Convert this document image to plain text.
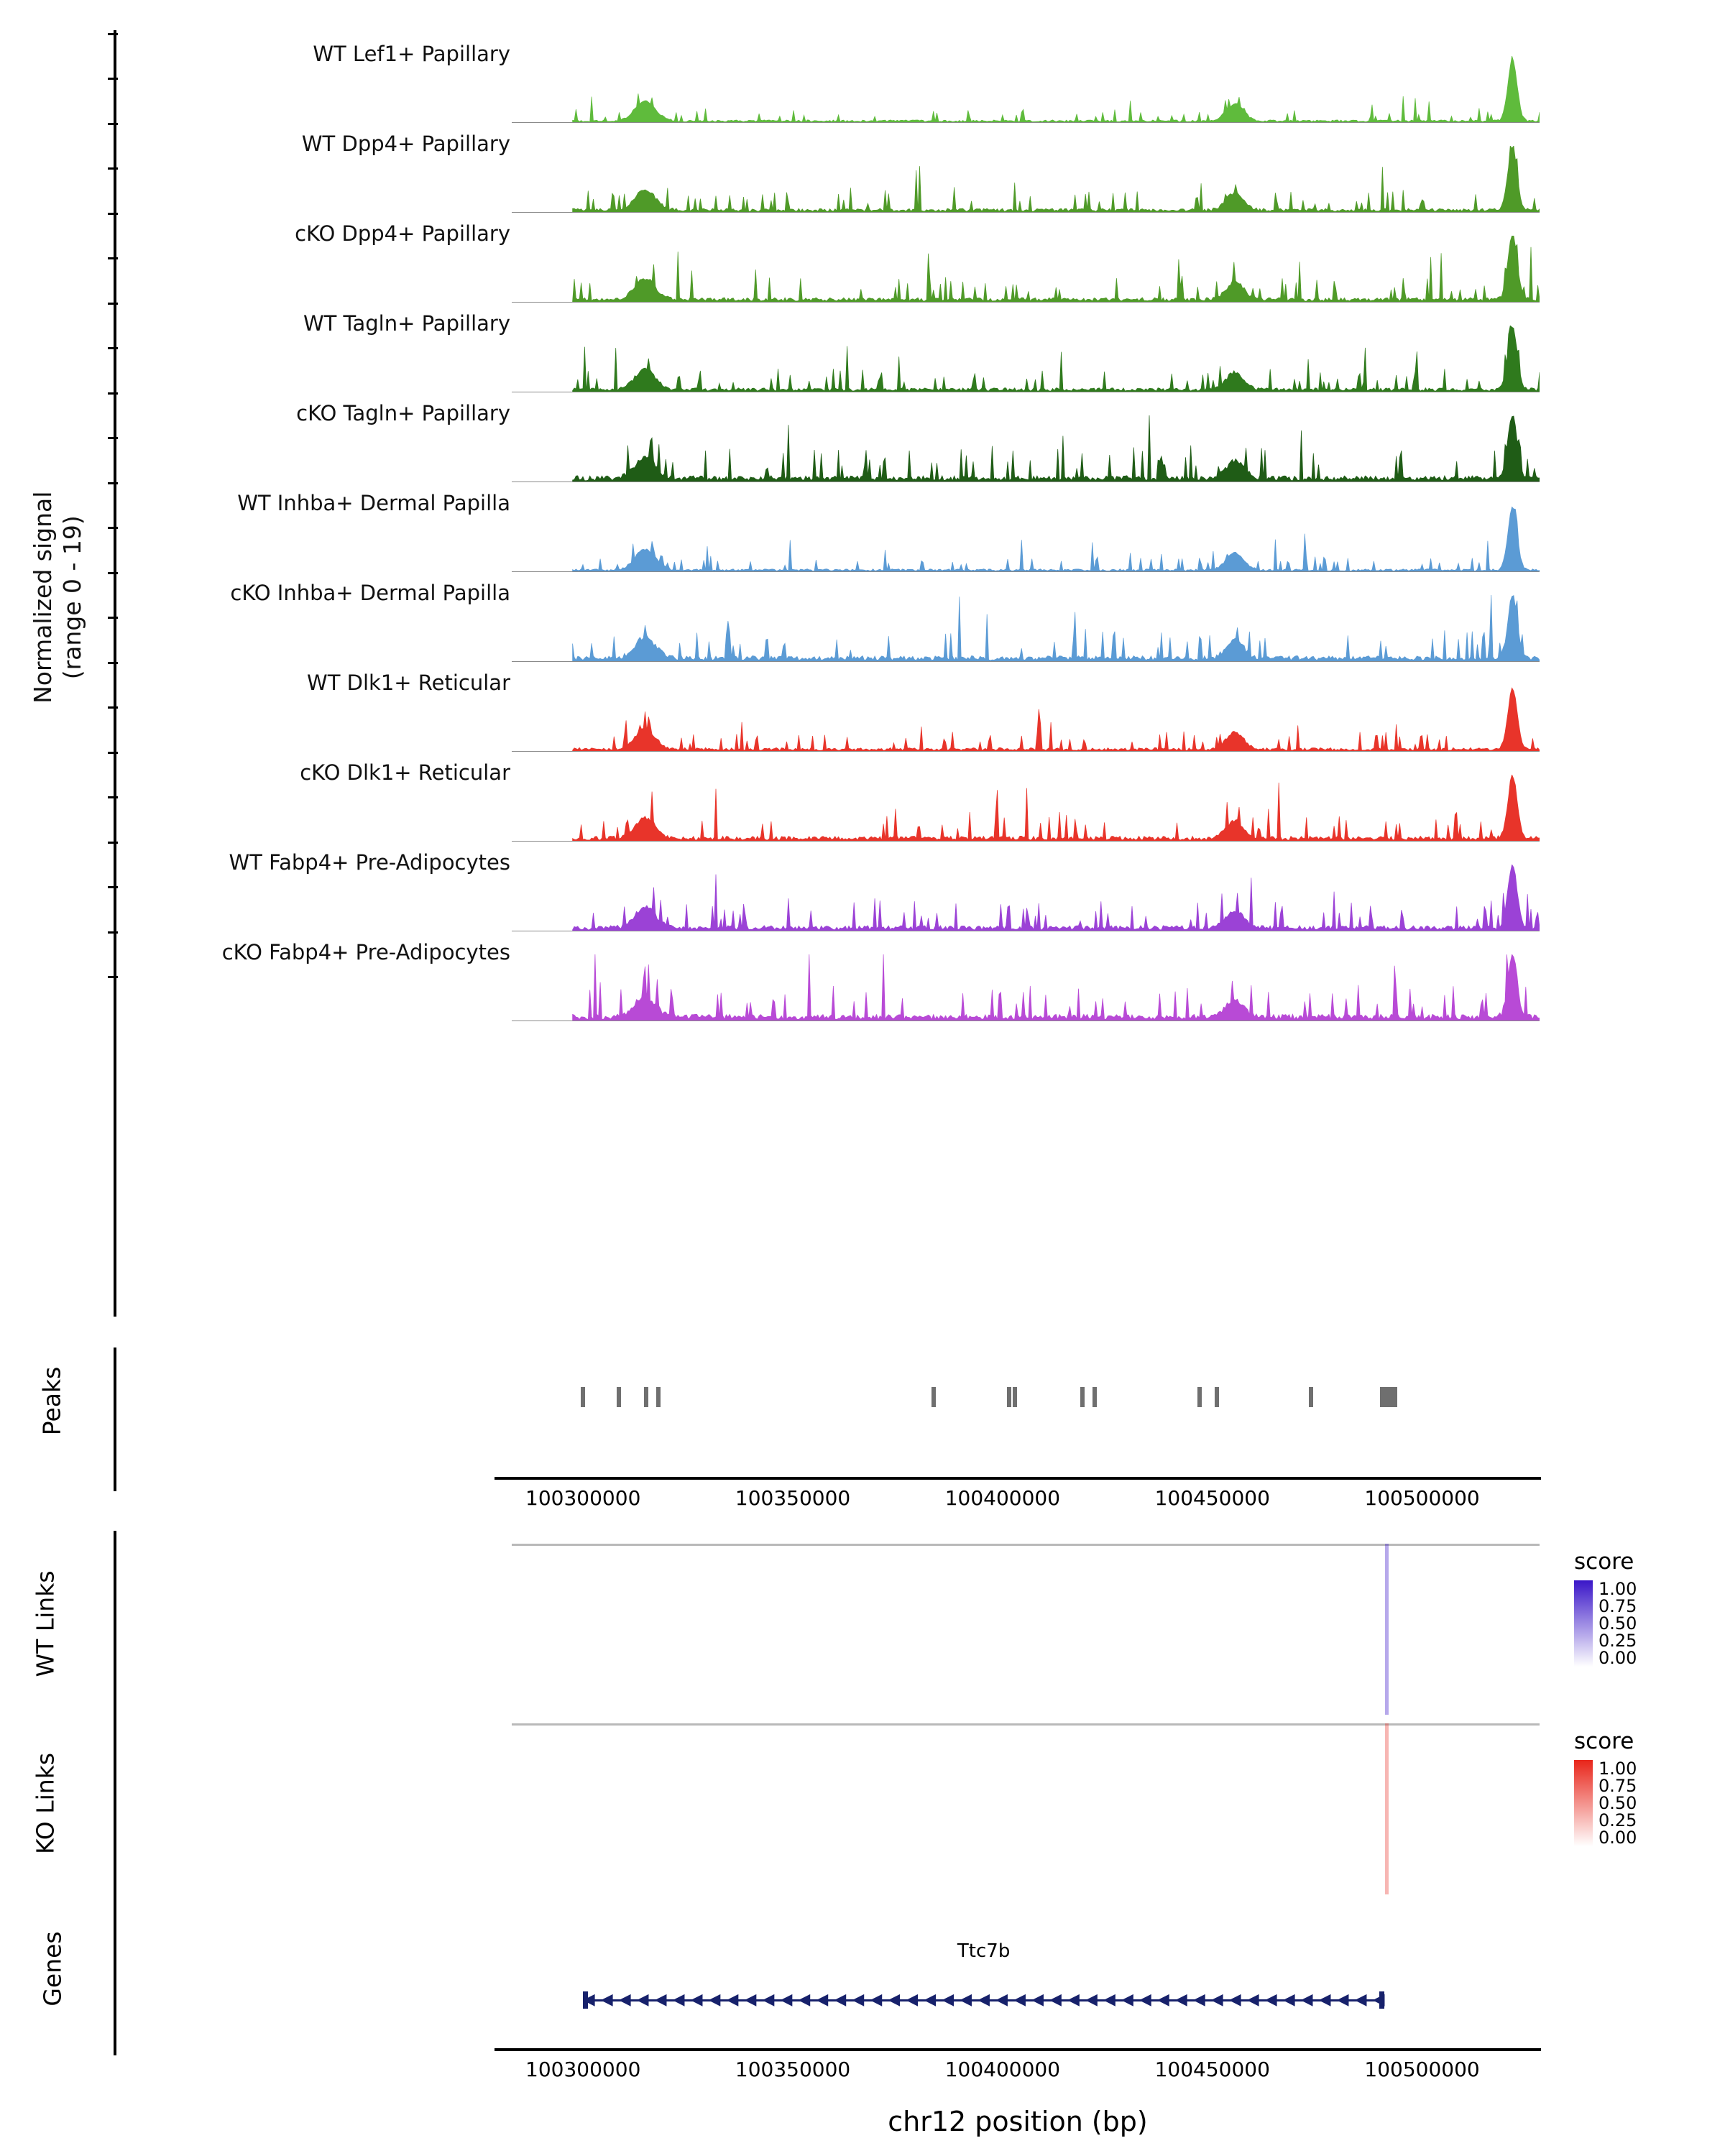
Normalized signal (range 0 - 19)
WT Lef1+ Papillary
WT Dpp4+ Papillary
cKO Dpp4+ Papillary
WT Tagln+ Papillary
cKO Tagln+ Papillary
WT Inhba+ Dermal Papilla
cKO Inhba+ Dermal Papilla
WT Dlk1+ Reticular
cKO Dlk1+ Reticular
WT Fabp4+ Pre-Adipocytes
cKO Fabp4+ Pre-Adipocytes
Peaks
100300000	100350000	100400000	100450000	100500000
WT Links
score
1.00
0.75
0.50
0.25
0.00
KO Links
score
1.00
0.75
0.50
0.25
0.00
Genes	Ttc7b
◀ ◀ ◀ ◀ ◀ ◀ ◀ ◀ ◀ ◀ ◀ ◀ ◀ ◀ ◀ ◀ ◀ ◀ ◀ ◀ ◀ ◀ ◀ ◀ ◀ ◀ ◀ ◀ ◀ ◀ ◀ ◀ ◀ ◀ ◀ ◀ ◀ ◀ ◀ ◀ ◀ ◀ ◀ ◀ ◀
100300000	100350000	100400000	100450000	100500000
chr12 position (bp)
